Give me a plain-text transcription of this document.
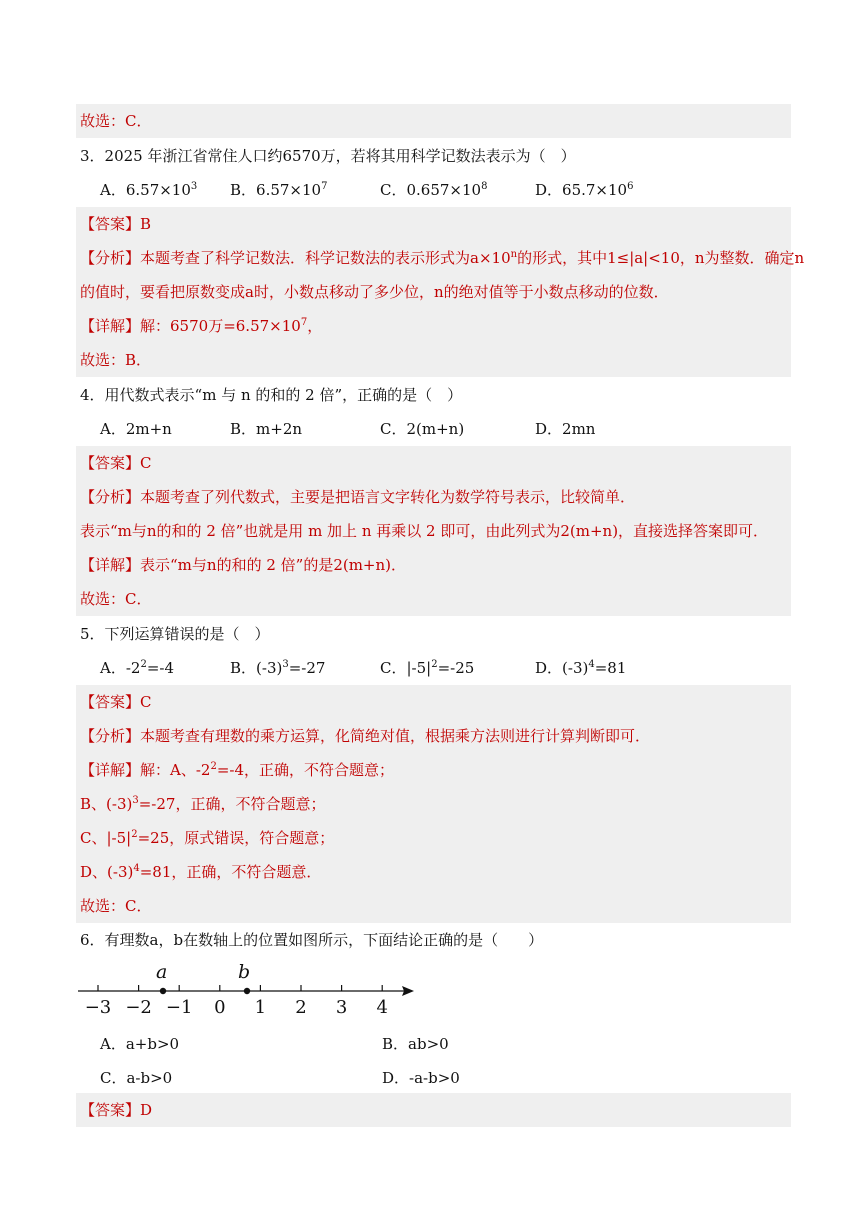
故选：C．
3．2025 年浙江省常住人口约6570万，若将其用科学记数法表示为（　）
A．$6.57\times 10^3$ B．$6.57\times 10^7$	C．$0.657\times 10^8$	D．$65.7\times 10^6$
【答案】B
【分析】本题考查了科学记数法．科学记数法的表示形式为$a\times 10^n$的形式，其中1≤|a|<10，n为整数．确定n
的值时，要看把原数变成a时，小数点移动了多少位，n的绝对值等于小数点移动的位数．
【详解】解：6570万$=6.57\times 10^7$，
故选：B．
4．用代数式表示“m 与 n 的和的 2 倍”，正确的是（　）
A．2m+n	B．m+2n	C．2(m+n)	D．2mn
【答案】C
【分析】本题考查了列代数式，主要是把语言文字转化为数学符号表示，比较简单．
表示“m与n的和的 2 倍”也就是用 m 加上 n 再乘以 2 即可，由此列式为2(m+n)，直接选择答案即可．
【详解】表示“m与n的和的 2 倍”的是2(m+n)．
故选：C．
5．下列运算错误的是（　）
A．$-2^2=-4$	B．$(-3)^3=-27$	C．$|-5|^2=-25$	D．$(-3)^4=81$
【答案】C
【分析】本题考查有理数的乘方运算，化简绝对值，根据乘方法则进行计算判断即可．
【详解】解：A、$-2^2=-4$，正确，不符合题意；
B、$(-3)^3=-27$，正确，不符合题意；
C、$|-5|^2=25$，原式错误，符合题意；
D、$(-3)^4=81$，正确，不符合题意．
故选：C．
6．有理数a，b在数轴上的位置如图所示，下面结论正确的是（　　）
−3 −2 −1 0 1 2 3 4
a	b
A．a+b>0	B．ab>0
C．a-b>0	D．-a-b>0
【答案】D
